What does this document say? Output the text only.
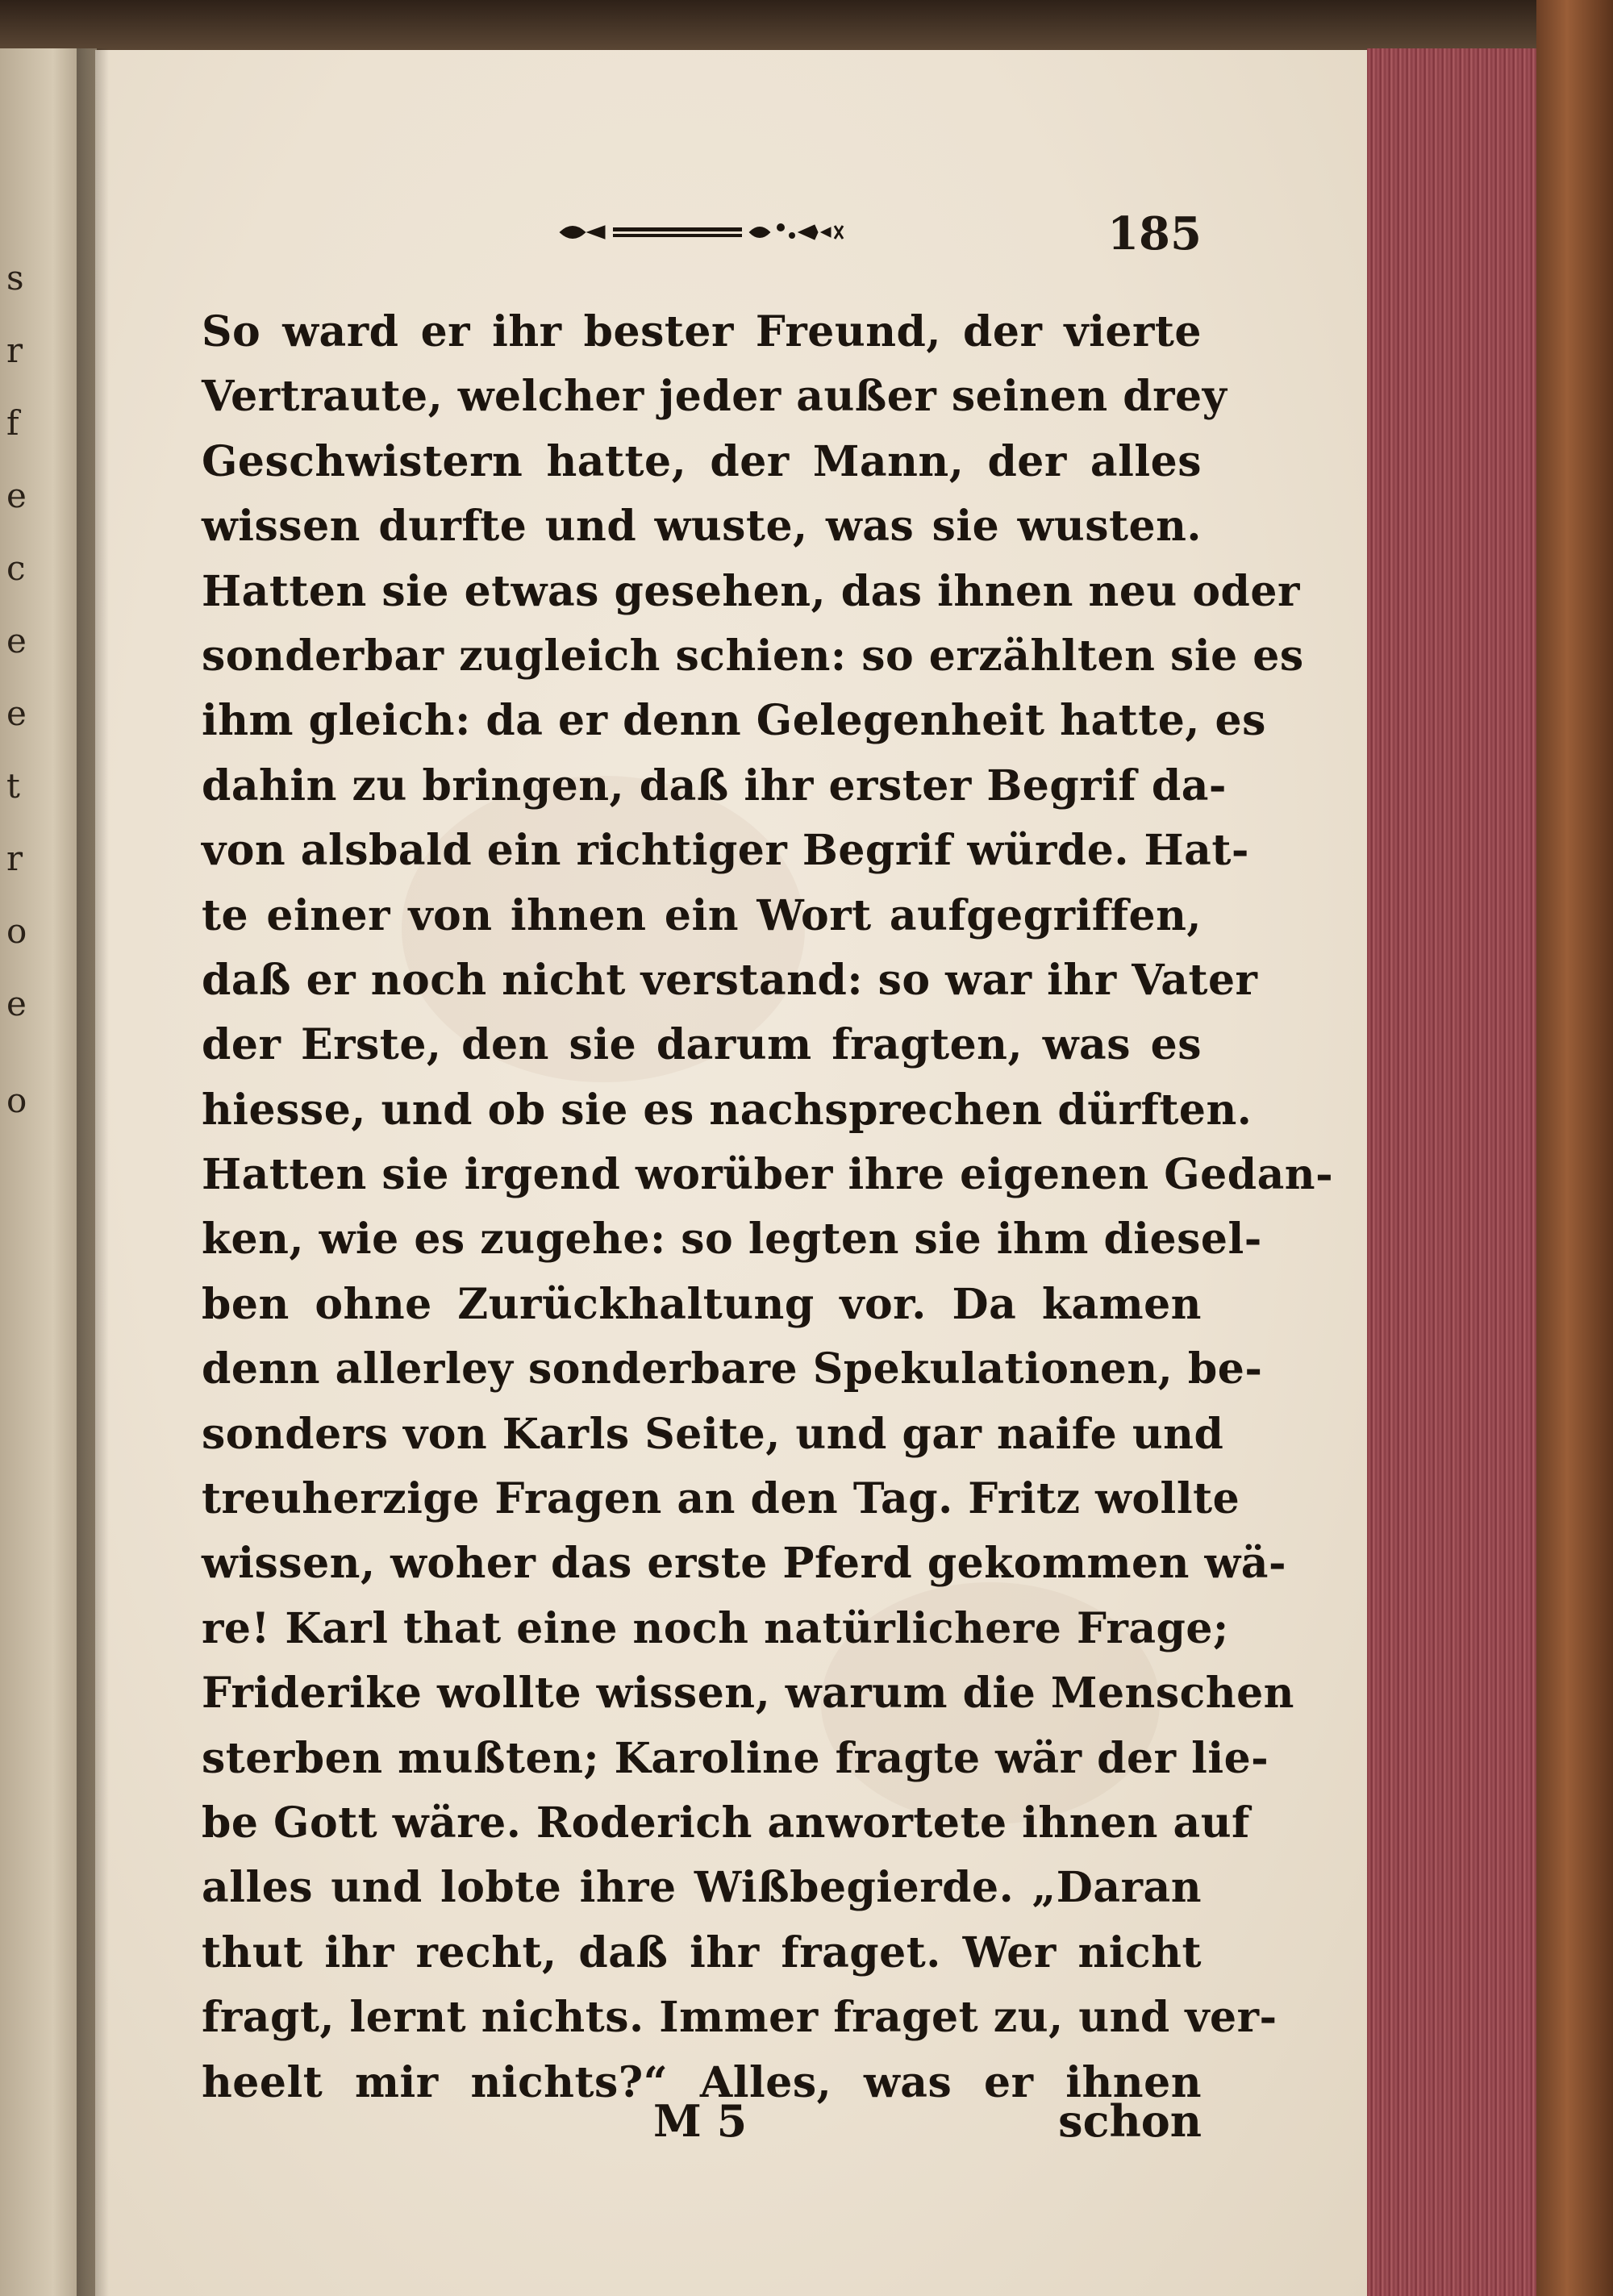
s
r
f
e
c
e
e
t
r
o
e
o
185
So ward er ihr bester Freund, der vierte
Vertraute, welcher jeder außer seinen drey
Geschwistern hatte, der Mann, der alles
wissen durfte und wuste, was sie wusten.
Hatten sie etwas gesehen, das ihnen neu oder
sonderbar zugleich schien: so erzählten sie es
ihm gleich: da er denn Gelegenheit hatte, es
dahin zu bringen, daß ihr erster Begrif da-
von alsbald ein richtiger Begrif würde. Hat-
te einer von ihnen ein Wort aufgegriffen,
daß er noch nicht verstand: so war ihr Vater
der Erste, den sie darum fragten, was es
hiesse, und ob sie es nachsprechen dürften.
Hatten sie irgend worüber ihre eigenen Gedan-
ken, wie es zugehe: so legten sie ihm diesel-
ben ohne Zurückhaltung vor. Da kamen
denn allerley sonderbare Spekulationen, be-
sonders von Karls Seite, und gar naife und
treuherzige Fragen an den Tag. Fritz wollte
wissen, woher das erste Pferd gekommen wä-
re! Karl that eine noch natürlichere Frage;
Friderike wollte wissen, warum die Menschen
sterben mußten; Karoline fragte wär der lie-
be Gott wäre. Roderich anwortete ihnen auf
alles und lobte ihre Wißbegierde. „Daran
thut ihr recht, daß ihr fraget. Wer nicht
fragt, lernt nichts. Immer fraget zu, und ver-
heelt mir nichts?“ Alles, was er ihnen
M 5	schon
